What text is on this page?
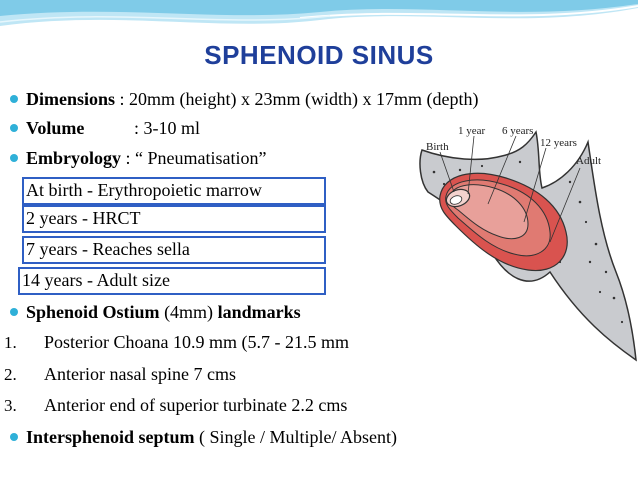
SPHENOID SINUS
Dimensions : 20mm (height) x 23mm (width) x 17mm (depth)
Volume	: 3-10 ml
Embryology : “ Pneumatisation”
At birth - Erythropoietic marrow
2 years - HRCT
7 years - Reaches sella
14 years - Adult size
Sphenoid Ostium (4mm) landmarks
1. Posterior Choana 10.9 mm (5.7 - 21.5 mm
2. Anterior nasal spine 7 cms
3. Anterior end of superior turbinate 2.2 cms
Intersphenoid septum ( Single / Multiple/ Absent)
Birth
1 year 6 years
12 years
Adult
